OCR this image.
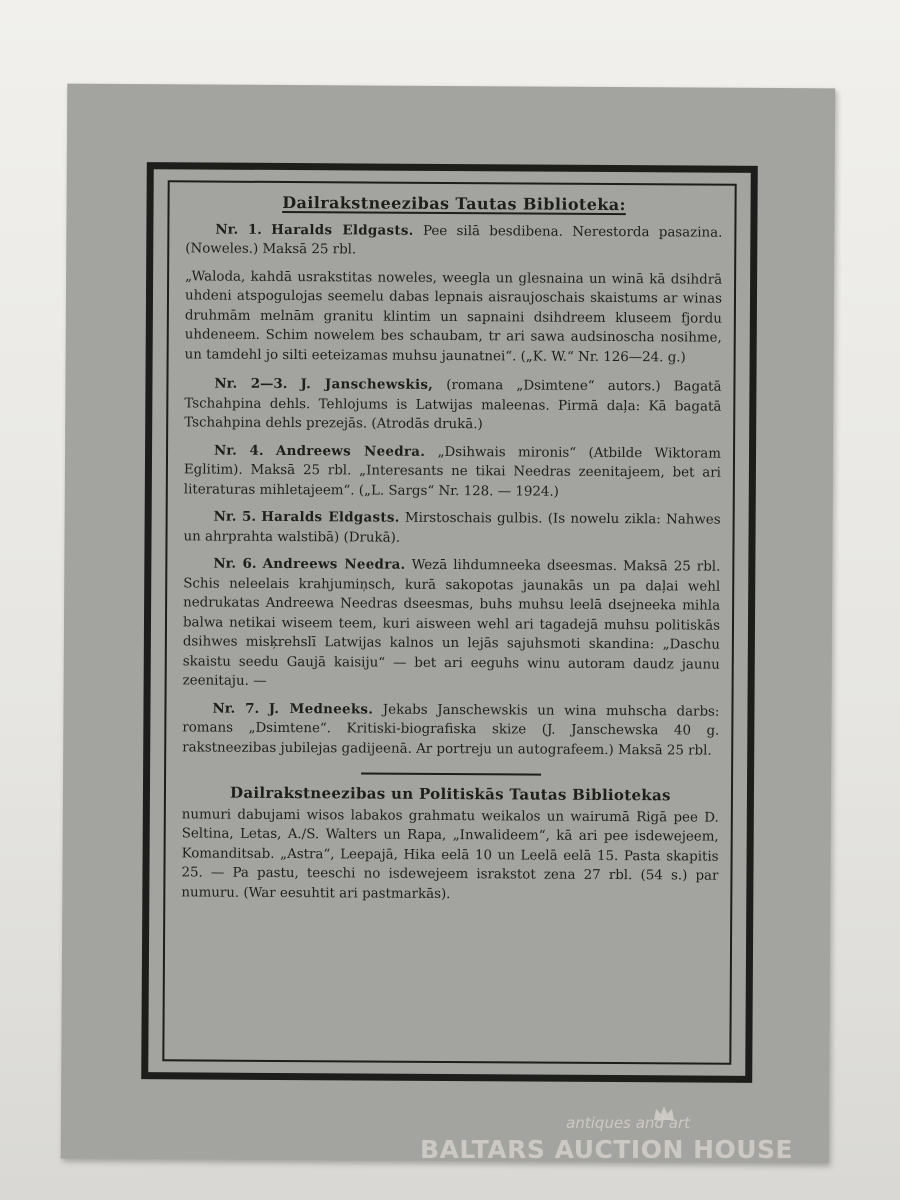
Dailrakstneezibas Tautas Biblioteka:

Nr. 1. Haralds Eldgasts. Pee silā besdibena. Nerestorda pasazina. (Noweles.) Maksā 25 rbl.

„Waloda, kahdā usrakstitas noweles, weegla un glesnaina un winā kā dsihdrā uhdeni atspogulojas seemelu dabas lepnais aisraujoschais skaistums ar winas druhmām melnām granitu klintim un sapnaini dsihdreem kluseem fjordu uhdeneem. Schim nowelem bes schaubam, tr ari sawa audsinoscha nosihme, un tamdehl jo silti eeteizamas muhsu jaunatnei“. („K. W.“ Nr. 126—24. g.)

Nr. 2—3. J. Janschewskis, (romana „Dsimtene“ autors.) Bagatā Tschahpina dehls. Tehlojums is Latwijas maleenas. Pirmā daļa: Kā bagatā Tschahpina dehls prezejās. (Atrodās drukā.)

Nr. 4. Andreews Needra. „Dsihwais mironis“ (Atbilde Wiktoram Eglitim). Maksā 25 rbl. „Interesants ne tikai Needras zeenitajeem, bet ari literaturas mihletajeem“. („L. Sargs“ Nr. 128. — 1924.)

Nr. 5. Haralds Eldgasts. Mirstoschais gulbis. (Is nowelu zikla: Nahwes un ahrprahta walstibā) (Drukā).

Nr. 6. Andreews Needra. Wezā lihdumneeka dseesmas. Maksā 25 rbl. Schis neleelais krahjumiņsch, kurā sakopotas jaunakās un pa daļai wehl nedrukatas Andreewa Needras dseesmas, buhs muhsu leelā dsejneeka mihla balwa netikai wiseem teem, kuri aisween wehl ari tagadejā muhsu politiskās dsihwes misķrehslī Latwijas kalnos un lejās sajuhsmoti skandina: „Daschu skaistu seedu Gaujā kaisiju“ — bet ari eeguhs winu autoram daudz jaunu zeenitaju. —

Nr. 7. J. Medneeks. Jekabs Janschewskis un wina muhscha darbs: romans „Dsimtene“. Kritiski-biografiska skize (J. Janschewska 40 g. rakstneezibas jubilejas gadijeenā. Ar portreju un autografeem.) Maksā 25 rbl.

Dailrakstneezibas un Politiskās Tautas Bibliotekas
numuri dabujami wisos labakos grahmatu weikalos un wairumā Rigā pee D. Seltina, Letas, A./S. Walters un Rapa, „Inwalideem“, kā ari pee isdewejeem, Komanditsab. „Astra“, Leepajā, Hika eelā 10 un Leelā eelā 15. Pasta skapitis 25. — Pa pastu, teeschi no isdewejeem israkstot zena 27 rbl. (54 s.) par numuru. (War eesuhtit ari pastmarkās).
antiques and art
BALTARS AUCTION HOUSE
